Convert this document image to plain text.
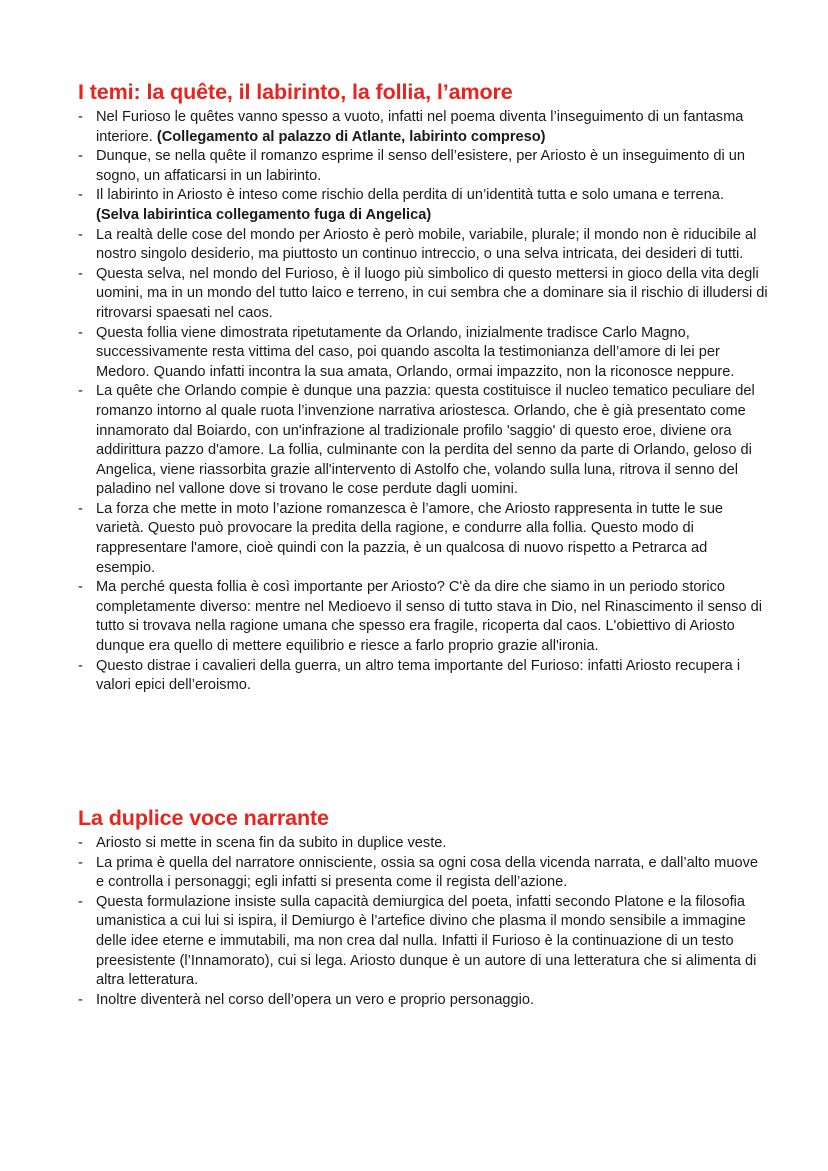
I temi: la quête, il labirinto, la follia, l’amore
- Nel Furioso le quêtes vanno spesso a vuoto, infatti nel poema diventa l’inseguimento di un fantasma interiore. (Collegamento al palazzo di Atlante, labirinto compreso)
- Dunque, se nella quête il romanzo esprime il senso dell’esistere, per Ariosto è un inseguimento di un sogno, un affaticarsi in un labirinto.
- Il labirinto in Ariosto è inteso come rischio della perdita di un’identità tutta e solo umana e terrena. (Selva labirintica collegamento fuga di Angelica)
- La realtà delle cose del mondo per Ariosto è però mobile, variabile, plurale; il mondo non è riducibile al nostro singolo desiderio, ma piuttosto un continuo intreccio, o una selva intricata, dei desideri di tutti.
- Questa selva, nel mondo del Furioso, è il luogo più simbolico di questo mettersi in gioco della vita degli uomini, ma in un mondo del tutto laico e terreno, in cui sembra che a dominare sia il rischio di illudersi di ritrovarsi spaesati nel caos.
- Questa follia viene dimostrata ripetutamente da Orlando, inizialmente tradisce Carlo Magno, successivamente resta vittima del caso, poi quando ascolta la testimonianza dell’amore di lei per Medoro. Quando infatti incontra la sua amata, Orlando, ormai impazzito, non la riconosce neppure.
- La quête che Orlando compie è dunque una pazzia: questa costituisce il nucleo tematico peculiare del romanzo intorno al quale ruota l’invenzione narrativa ariostesca. Orlando, che è già presentato come innamorato dal Boiardo, con un'infrazione al tradizionale profilo 'saggio' di questo eroe, diviene ora addirittura pazzo d'amore. La follia, culminante con la perdita del senno da parte di Orlando, geloso di Angelica, viene riassorbita grazie all'intervento di Astolfo che, volando sulla luna, ritrova il senno del paladino nel vallone dove si trovano le cose perdute dagli uomini.
- La forza che mette in moto l’azione romanzesca è l’amore, che Ariosto rappresenta in tutte le sue varietà. Questo può provocare la predita della ragione, e condurre alla follia. Questo modo di rappresentare l'amore, cioè quindi con la pazzia, è un qualcosa di nuovo rispetto a Petrarca ad esempio.
- Ma perché questa follia è così importante per Ariosto? C'è da dire che siamo in un periodo storico completamente diverso: mentre nel Medioevo il senso di tutto stava in Dio, nel Rinascimento il senso di tutto si trovava nella ragione umana che spesso era fragile, ricoperta dal caos. L'obiettivo di Ariosto dunque era quello di mettere equilibrio e riesce a farlo proprio grazie all'ironia.
- Questo distrae i cavalieri della guerra, un altro tema importante del Furioso: infatti Ariosto recupera i valori epici dell’eroismo.
La duplice voce narrante
- Ariosto si mette in scena fin da subito in duplice veste.
- La prima è quella del narratore onnisciente, ossia sa ogni cosa della vicenda narrata, e dall’alto muove e controlla i personaggi; egli infatti si presenta come il regista dell’azione.
- Questa formulazione insiste sulla capacità demiurgica del poeta, infatti secondo Platone e la filosofia umanistica a cui lui si ispira, il Demiurgo è l’artefice divino che plasma il mondo sensibile a immagine delle idee eterne e immutabili, ma non crea dal nulla. Infatti il Furioso è la continuazione di un testo preesistente (l’Innamorato), cui si lega. Ariosto dunque è un autore di una letteratura che si alimenta di altra letteratura.
- Inoltre diventerà nel corso dell’opera un vero e proprio personaggio.
